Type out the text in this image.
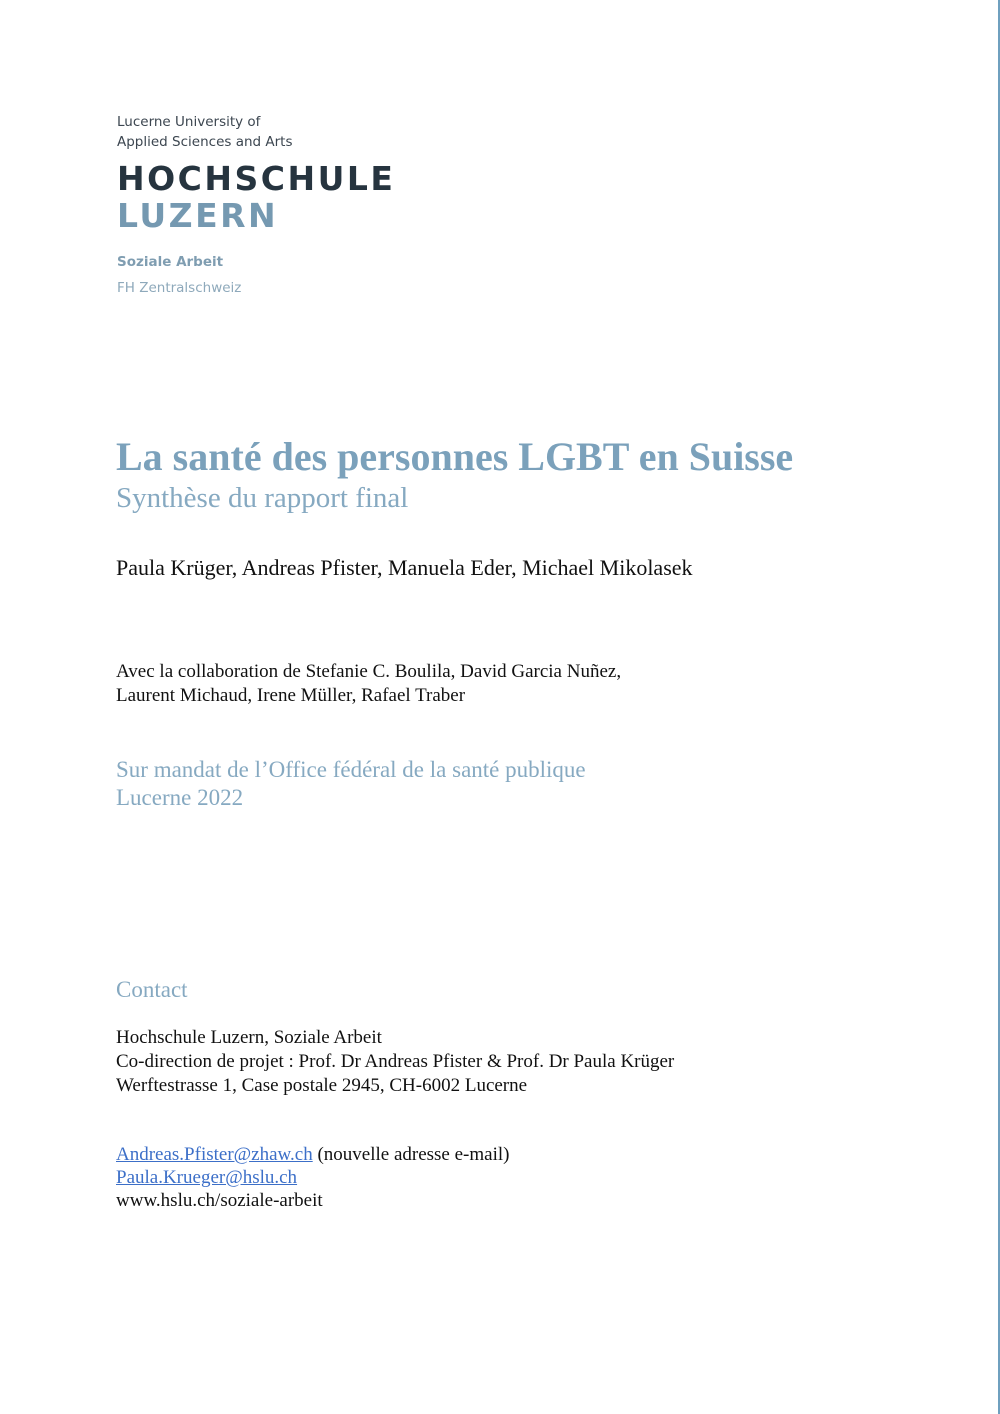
Lucerne University of
Applied Sciences and Arts
HOCHSCHULE
LUZERN
Soziale Arbeit
FH Zentralschweiz
La santé des personnes LGBT en Suisse
Synthèse du rapport final
Paula Krüger, Andreas Pfister, Manuela Eder, Michael Mikolasek
Avec la collaboration de Stefanie C. Boulila, David Garcia Nuñez,
Laurent Michaud, Irene Müller, Rafael Traber
Sur mandat de l’Office fédéral de la santé publique
Lucerne 2022
Contact
Hochschule Luzern, Soziale Arbeit
Co-direction de projet : Prof. Dr Andreas Pfister & Prof. Dr Paula Krüger
Werftestrasse 1, Case postale 2945, CH-6002 Lucerne
Andreas.Pfister@zhaw.ch (nouvelle adresse e-mail)
Paula.Krueger@hslu.ch
www.hslu.ch/soziale-arbeit
